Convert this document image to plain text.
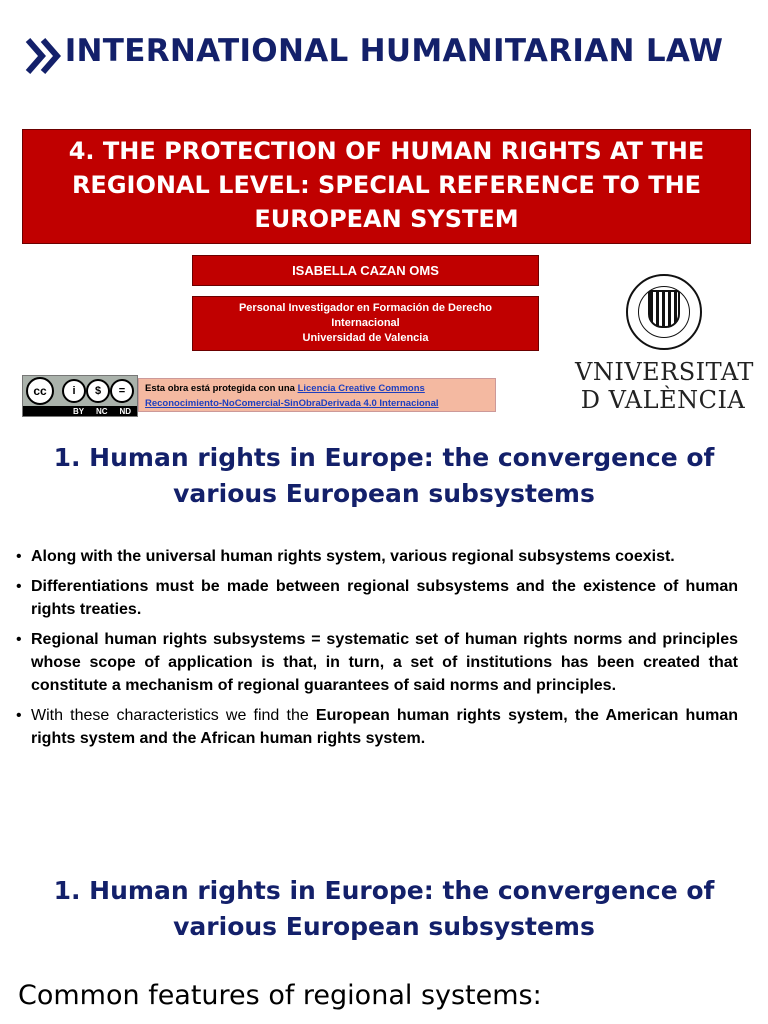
INTERNATIONAL HUMANITARIAN LAW
4. THE PROTECTION OF HUMAN RIGHTS AT THE REGIONAL LEVEL: SPECIAL REFERENCE TO THE EUROPEAN SYSTEM
ISABELLA CAZAN OMS
Personal Investigador en Formación de Derecho
Internacional
Universidad de Valencia
cc	i	$	=
BY NC ND
Esta obra está protegida con una Licencia Creative Commons
Reconocimiento-NoComercial-SinObraDerivada 4.0 Internacional
VNIVERSITAT
D VALÈNCIA
1. Human rights in Europe: the convergence of various European subsystems
• Along with the universal human rights system, various regional subsystems coexist.
• Differentiations must be made between regional subsystems and the existence of human rights treaties.
• Regional human rights subsystems = systematic set of human rights norms and principles whose scope of application is that, in turn, a set of institutions has been created that constitute a mechanism of regional guarantees of said norms and principles.
• With these characteristics we find the European human rights system, the American human rights system and the African human rights system.
1. Human rights in Europe: the convergence of various European subsystems
Common features of regional systems:
